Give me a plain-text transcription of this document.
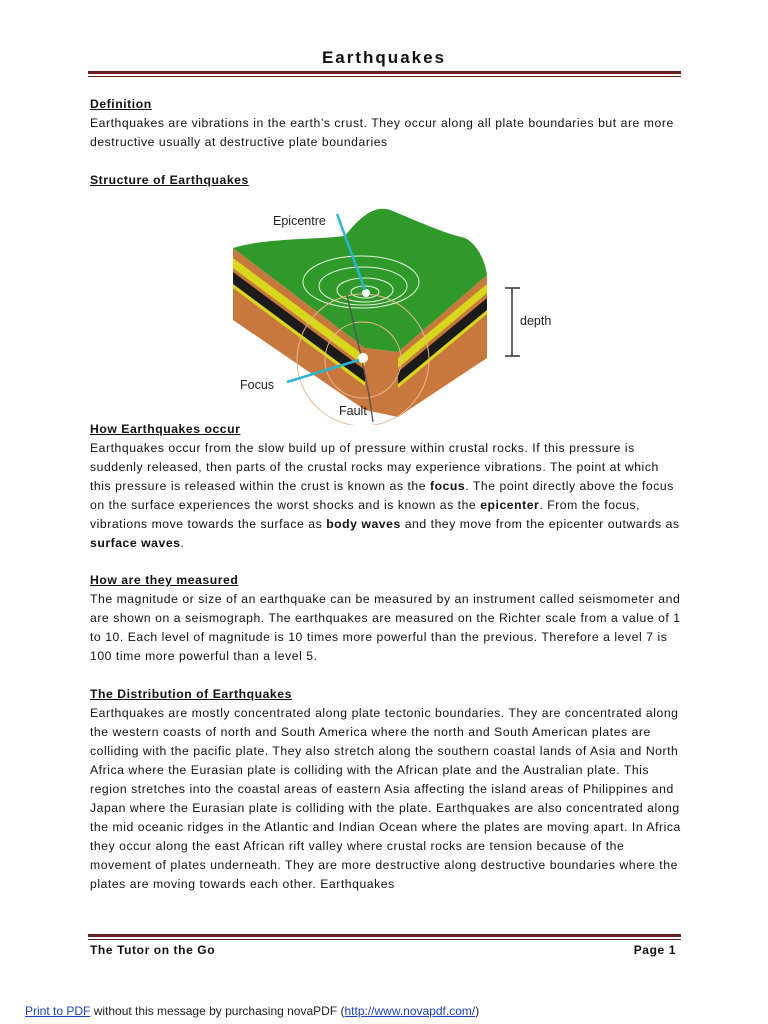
Earthquakes
Definition

Earthquakes are vibrations in the earth’s crust. They occur along all plate boundaries but are more destructive usually at destructive plate boundaries

Structure of Earthquakes
Epicentre
depth
Focus
Fault
How Earthquakes occur

Earthquakes occur from the slow build up of pressure within crustal rocks. If this pressure is suddenly released, then parts of the crustal rocks may experience vibrations. The point at which this pressure is released within the crust is known as the focus. The point directly above the focus on the surface experiences the worst shocks and is known as the epicenter. From the focus, vibrations move towards the surface as body waves and they move from the epicenter outwards as surface waves.

How are they measured

The magnitude or size of an earthquake can be measured by an instrument called seismometer and are shown on a seismograph. The earthquakes are measured on the Richter scale from a value of 1 to 10. Each level of magnitude is 10 times more powerful than the previous. Therefore a level 7 is 100 time more powerful than a level 5.

The Distribution of Earthquakes

Earthquakes are mostly concentrated along plate tectonic boundaries. They are concentrated along the western coasts of north and South America where the north and South American plates are colliding with the pacific plate. They also stretch along the southern coastal lands of Asia and North Africa where the Eurasian plate is colliding with the African plate and the Australian plate. This region stretches into the coastal areas of eastern Asia affecting the island areas of Philippines and Japan where the Eurasian plate is colliding with the plate. Earthquakes are also concentrated along the mid oceanic ridges in the Atlantic and Indian Ocean where the plates are moving apart. In Africa they occur along the east African rift valley where crustal rocks are tension because of the movement of plates underneath. They are more destructive along destructive boundaries where the plates are moving towards each other. Earthquakes

The Tutor on the Go	Page 1
Print to PDF without this message by purchasing novaPDF (http://www.novapdf.com/)
